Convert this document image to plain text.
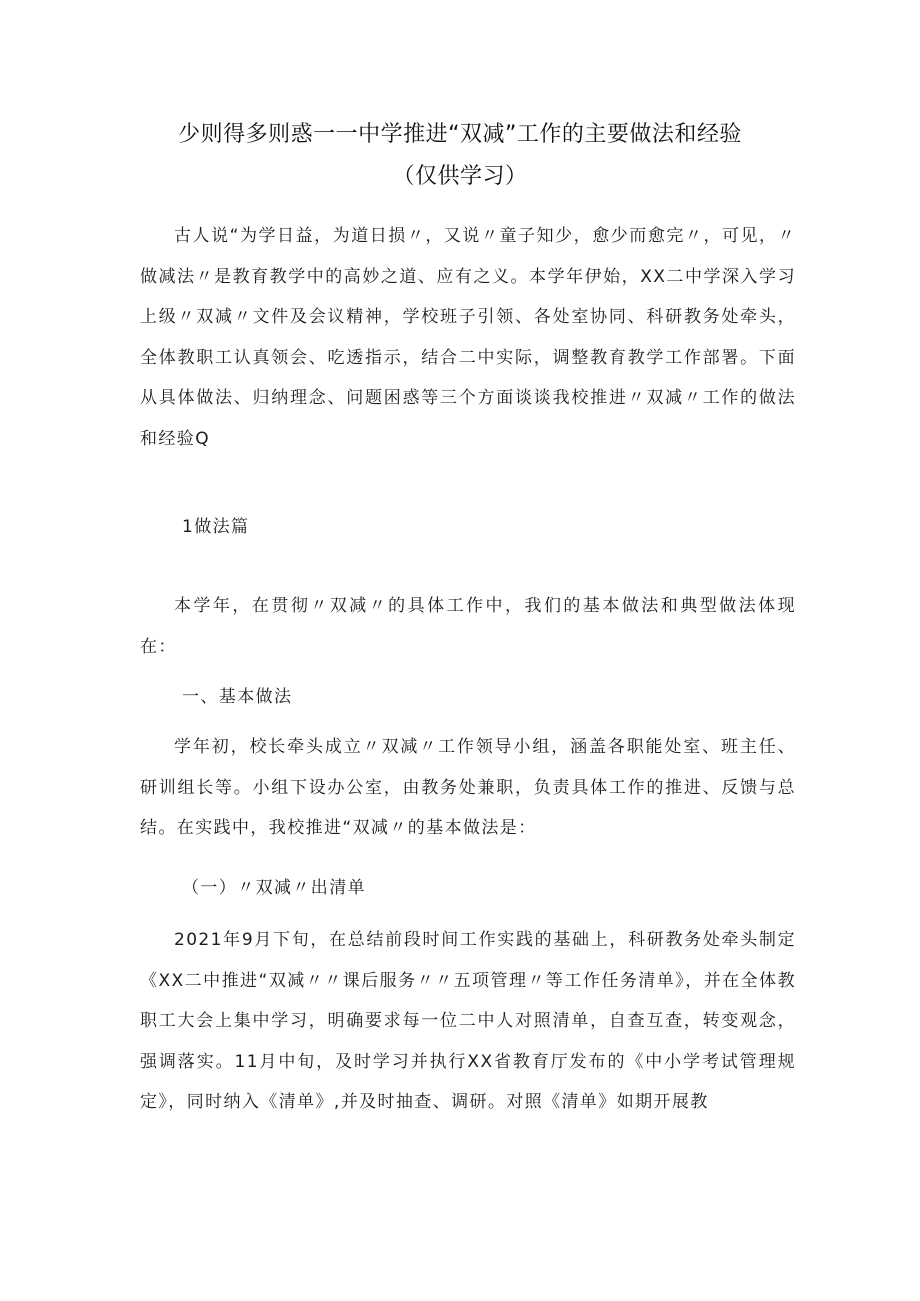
少则得多则惑一一中学推进“双减”工作的主要做法和经验
（仅供学习）

古人说“为学日益，为道日损〃，又说〃童子知少，愈少而愈完〃，可见，〃做减法〃是教育教学中的高妙之道、应有之义。本学年伊始，XX二中学深入学习上级〃双减〃文件及会议精神，学校班子引领、各处室协同、科研教务处牵头，全体教职工认真领会、吃透指示，结合二中实际，调整教育教学工作部署。下面从具体做法、归纳理念、问题困惑等三个方面谈谈我校推进〃双减〃工作的做法和经验Q

1做法篇

本学年，在贯彻〃双减〃的具体工作中，我们的基本做法和典型做法体现在：

一、基本做法

学年初，校长牵头成立〃双减〃工作领导小组，涵盖各职能处室、班主任、研训组长等。小组下设办公室，由教务处兼职，负责具体工作的推进、反馈与总结。在实践中，我校推进“双减〃的基本做法是：

（一）〃双减〃出清单

2021年9月下旬，在总结前段时间工作实践的基础上，科研教务处牵头制定《XX二中推进“双减〃〃课后服务〃〃五项管理〃等工作任务清单》，并在全体教职工大会上集中学习，明确要求每一位二中人对照清单，自查互查，转变观念，强调落实。11月中旬，及时学习并执行XX省教育厅发布的《中小学考试管理规定》，同时纳入《清单》,并及时抽查、调研。对照《清单》如期开展教
